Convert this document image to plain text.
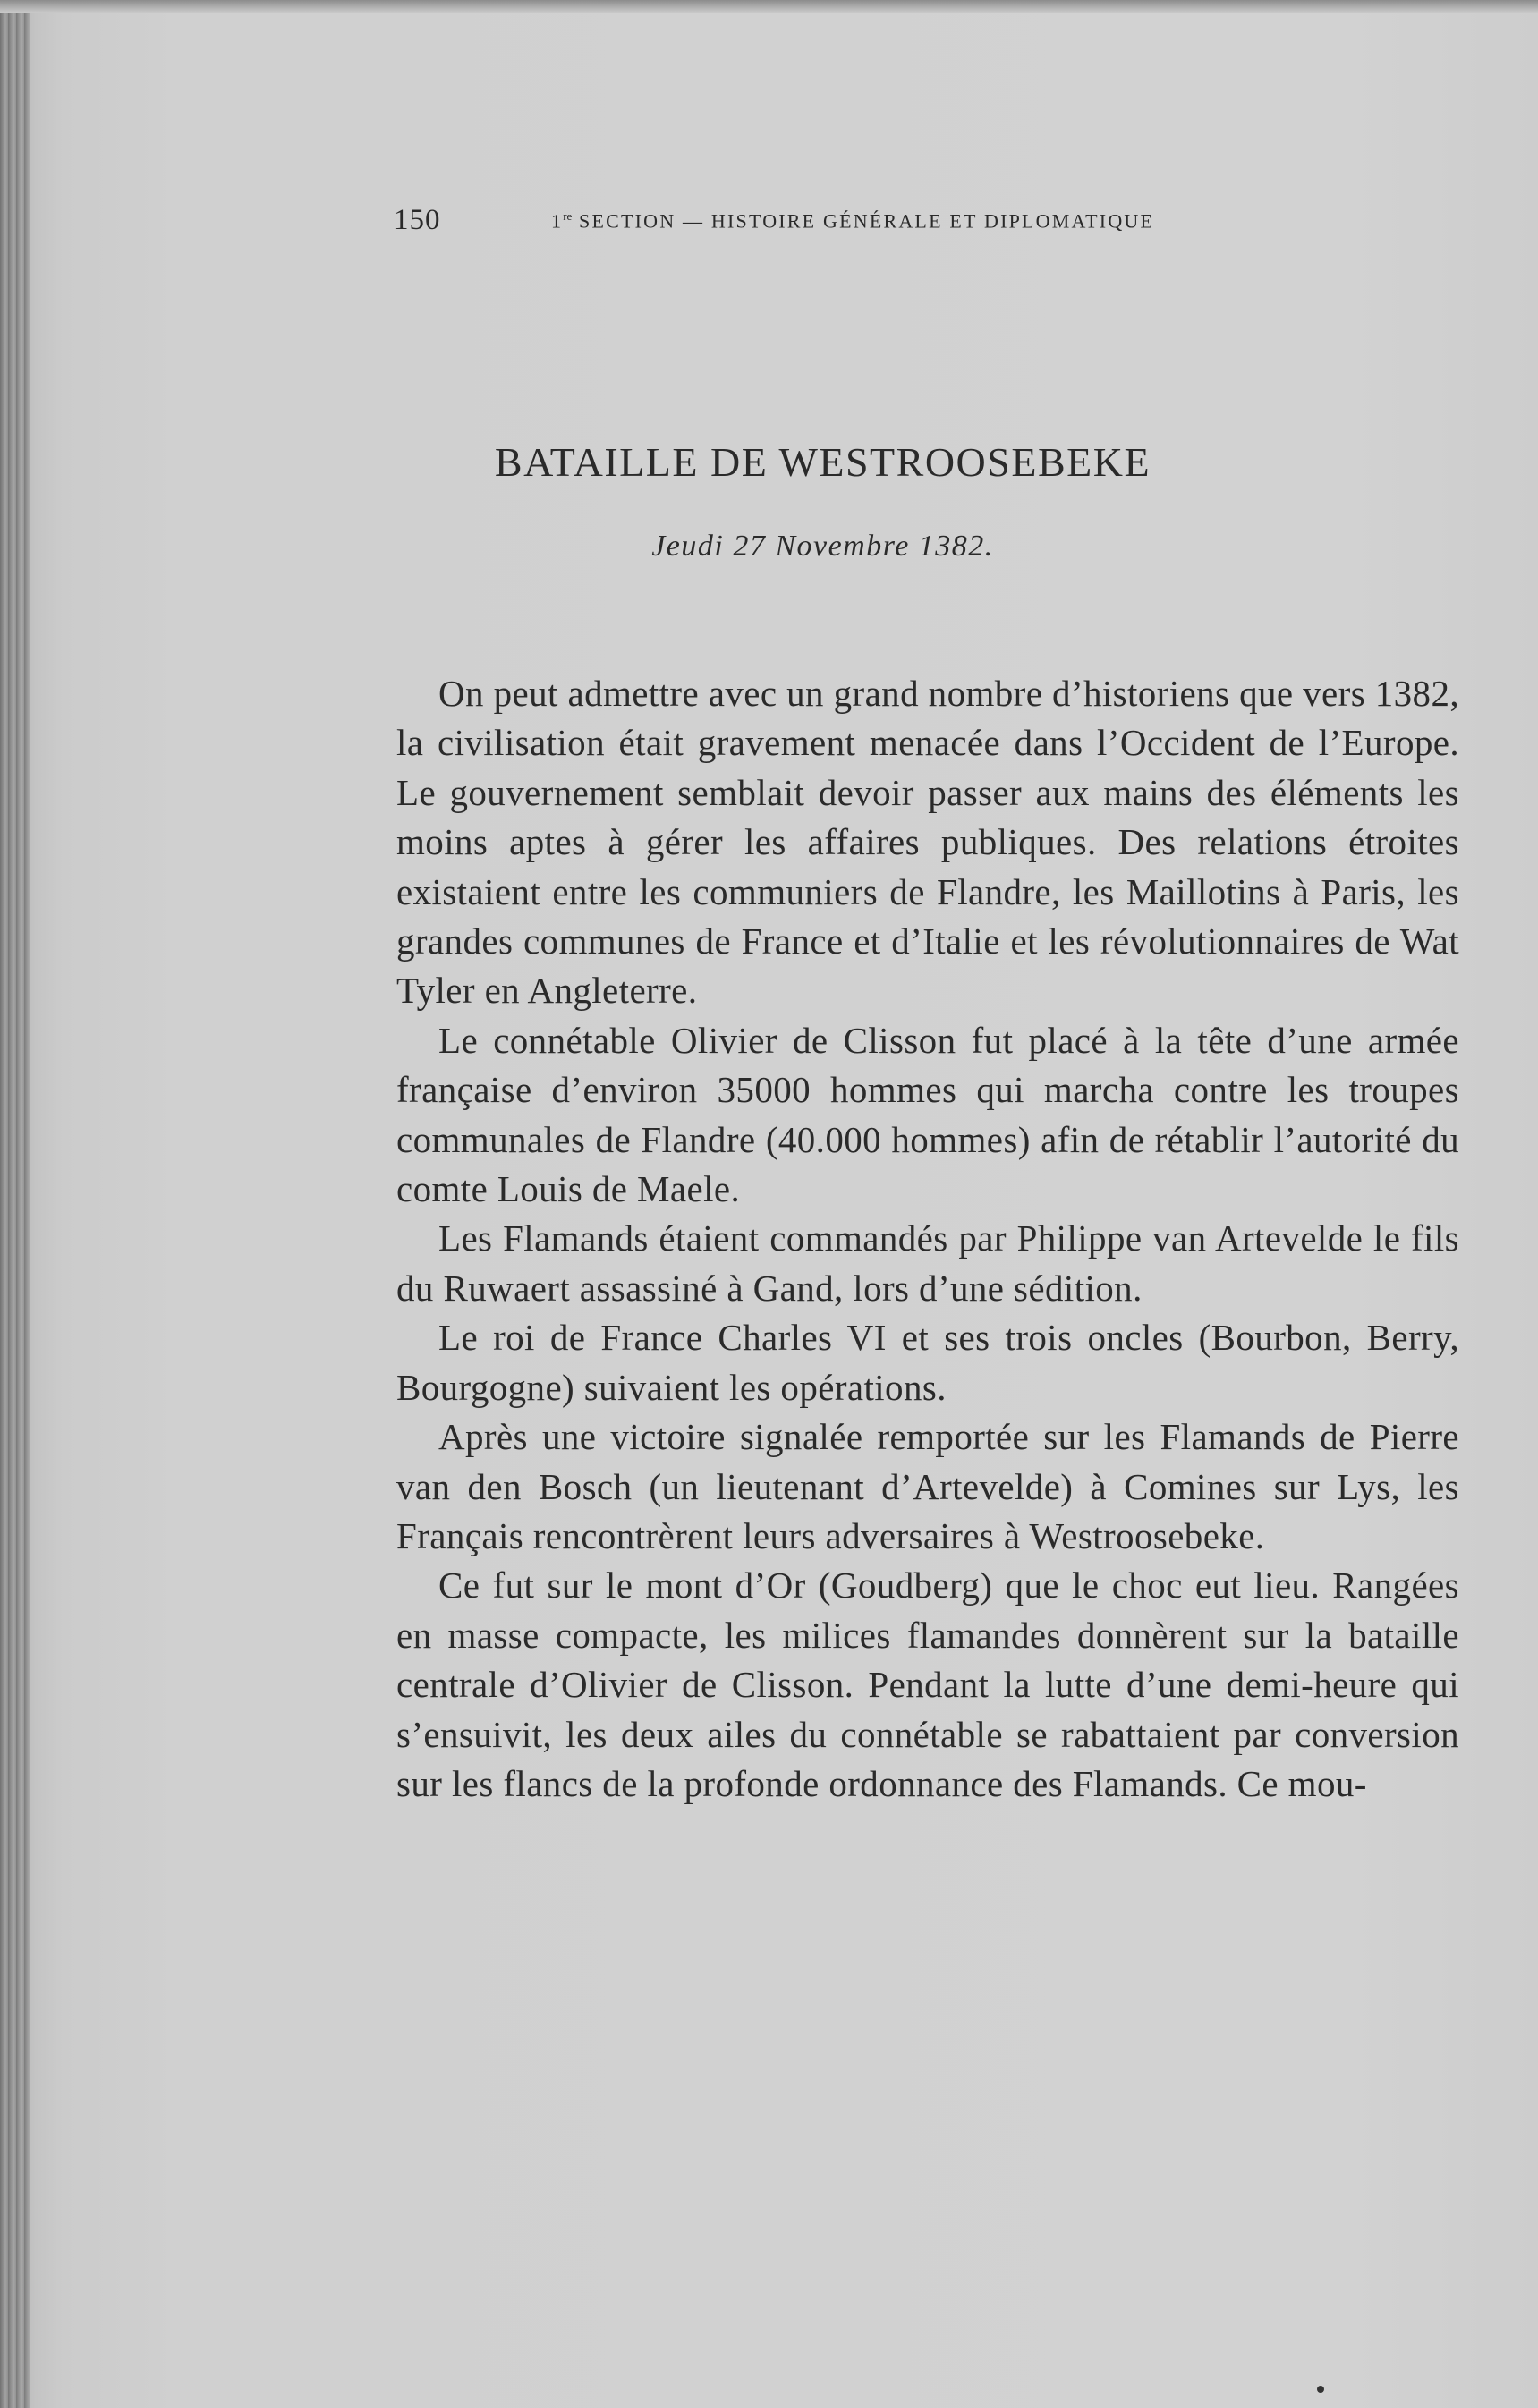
150	1re SECTION — HISTOIRE GÉNÉRALE ET DIPLOMATIQUE
BATAILLE DE WESTROOSEBEKE
Jeudi 27 Novembre 1382.

On peut admettre avec un grand nombre d’historiens que vers 1382, la civilisation était gravement menacée dans l’Occident de l’Europe. Le gouvernement semblait devoir passer aux mains des éléments les moins aptes à gérer les affaires publiques. Des relations étroites existaient entre les communiers de Flandre, les Maillotins à Paris, les grandes communes de France et d’Italie et les révolutionnaires de Wat Tyler en Angleterre.

Le connétable Olivier de Clisson fut placé à la tête d’une armée française d’environ 35000 hommes qui marcha contre les troupes communales de Flandre (40.000 hommes) afin de rétablir l’autorité du comte Louis de Maele.

Les Flamands étaient commandés par Philippe van Artevelde le fils du Ruwaert assassiné à Gand, lors d’une sédition.

Le roi de France Charles VI et ses trois oncles (Bourbon, Berry, Bourgogne) suivaient les opérations.

Après une victoire signalée remportée sur les Flamands de Pierre van den Bosch (un lieutenant d’Artevelde) à Comines sur Lys, les Français rencontrèrent leurs adversaires à Westroosebeke.

Ce fut sur le mont d’Or (Goudberg) que le choc eut lieu. Rangées en masse compacte, les milices flamandes donnèrent sur la bataille centrale d’Olivier de Clisson. Pendant la lutte d’une demi-heure qui s’ensuivit, les deux ailes du connétable se rabattaient par conversion sur les flancs de la profonde ordonnance des Flamands. Ce mou-
